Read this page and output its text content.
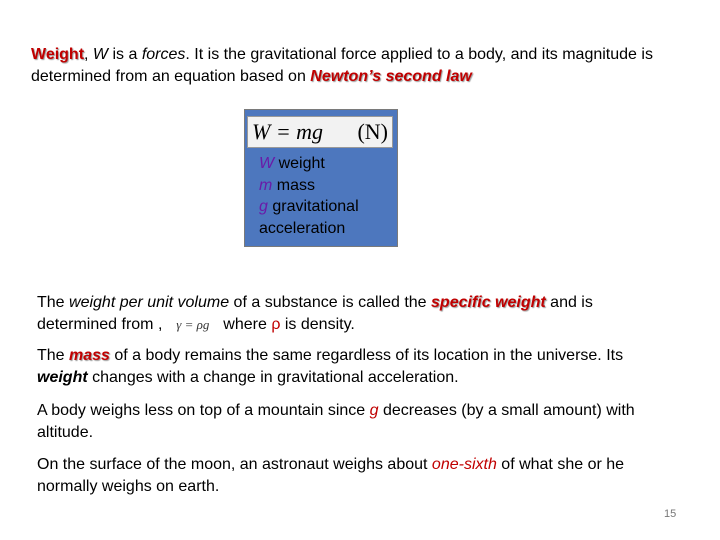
Weight, W is a forces. It is the gravitational force applied to a body, and its magnitude is determined from an equation based on Newton’s second law
W = mg (N)
W weight
m mass
g gravitational acceleration
The weight per unit volume of a substance is called the specific weight and is determined from , γ = ρg where ρ is density.
The mass of a body remains the same regardless of its location in the universe. Its weight changes with a change in gravitational acceleration.
A body weighs less on top of a mountain since g decreases (by a small amount) with altitude.
On the surface of the moon, an astronaut weighs about one-sixth of what she or he normally weighs on earth.
15
